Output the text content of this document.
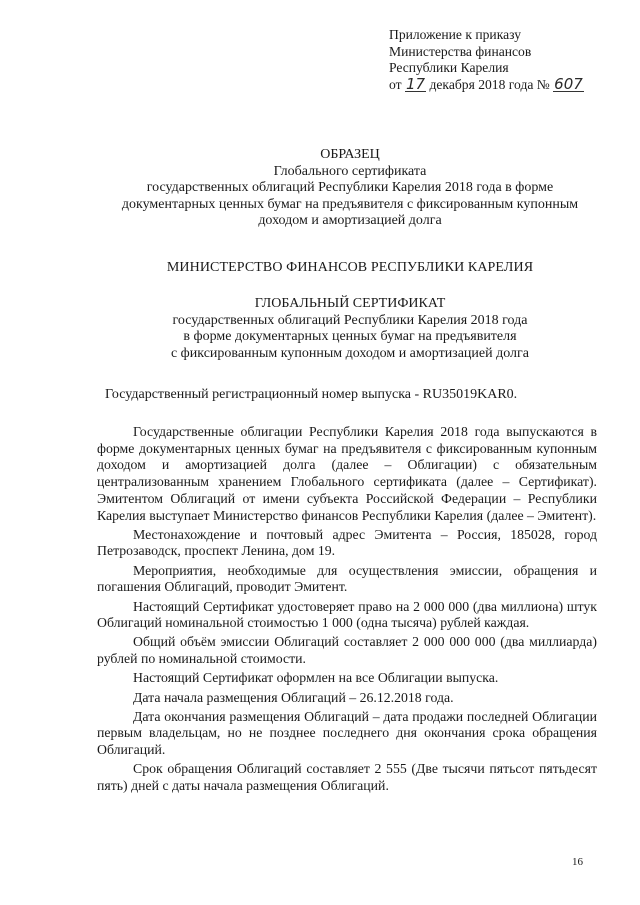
Приложение к приказу
Министерства финансов
Республики Карелия
от 17 декабря 2018 года № 607
ОБРАЗЕЦ
Глобального сертификата
государственных облигаций Республики Карелия 2018 года в форме
документарных ценных бумаг на предъявителя с фиксированным купонным
доходом и амортизацией долга
МИНИСТЕРСТВО ФИНАНСОВ РЕСПУБЛИКИ КАРЕЛИЯ
ГЛОБАЛЬНЫЙ СЕРТИФИКАТ
государственных облигаций Республики Карелия 2018 года
в форме документарных ценных бумаг на предъявителя
с фиксированным купонным доходом и амортизацией долга
Государственный регистрационный номер выпуска - RU35019KAR0.

Государственные облигации Республики Карелия 2018 года выпускаются в форме документарных ценных бумаг на предъявителя с фиксированным купонным доходом и амортизацией долга (далее – Облигации) с обязательным централизованным хранением Глобального сертификата (далее – Сертификат). Эмитентом Облигаций от имени субъекта Российской Федерации – Республики Карелия выступает Министерство финансов Республики Карелия (далее – Эмитент).

Местонахождение и почтовый адрес Эмитента – Россия, 185028, город Петрозаводск, проспект Ленина, дом 19.

Мероприятия, необходимые для осуществления эмиссии, обращения и погашения Облигаций, проводит Эмитент.

Настоящий Сертификат удостоверяет право на 2 000 000 (два миллиона) штук Облигаций номинальной стоимостью 1 000 (одна тысяча) рублей каждая.

Общий объём эмиссии Облигаций составляет 2 000 000 000 (два миллиарда) рублей по номинальной стоимости.

Настоящий Сертификат оформлен на все Облигации выпуска.

Дата начала размещения Облигаций – 26.12.2018 года.

Дата окончания размещения Облигаций – дата продажи последней Облигации первым владельцам, но не позднее последнего дня окончания срока обращения Облигаций.

Срок обращения Облигаций составляет 2 555 (Две тысячи пятьсот пятьдесят пять) дней с даты начала размещения Облигаций.

16
